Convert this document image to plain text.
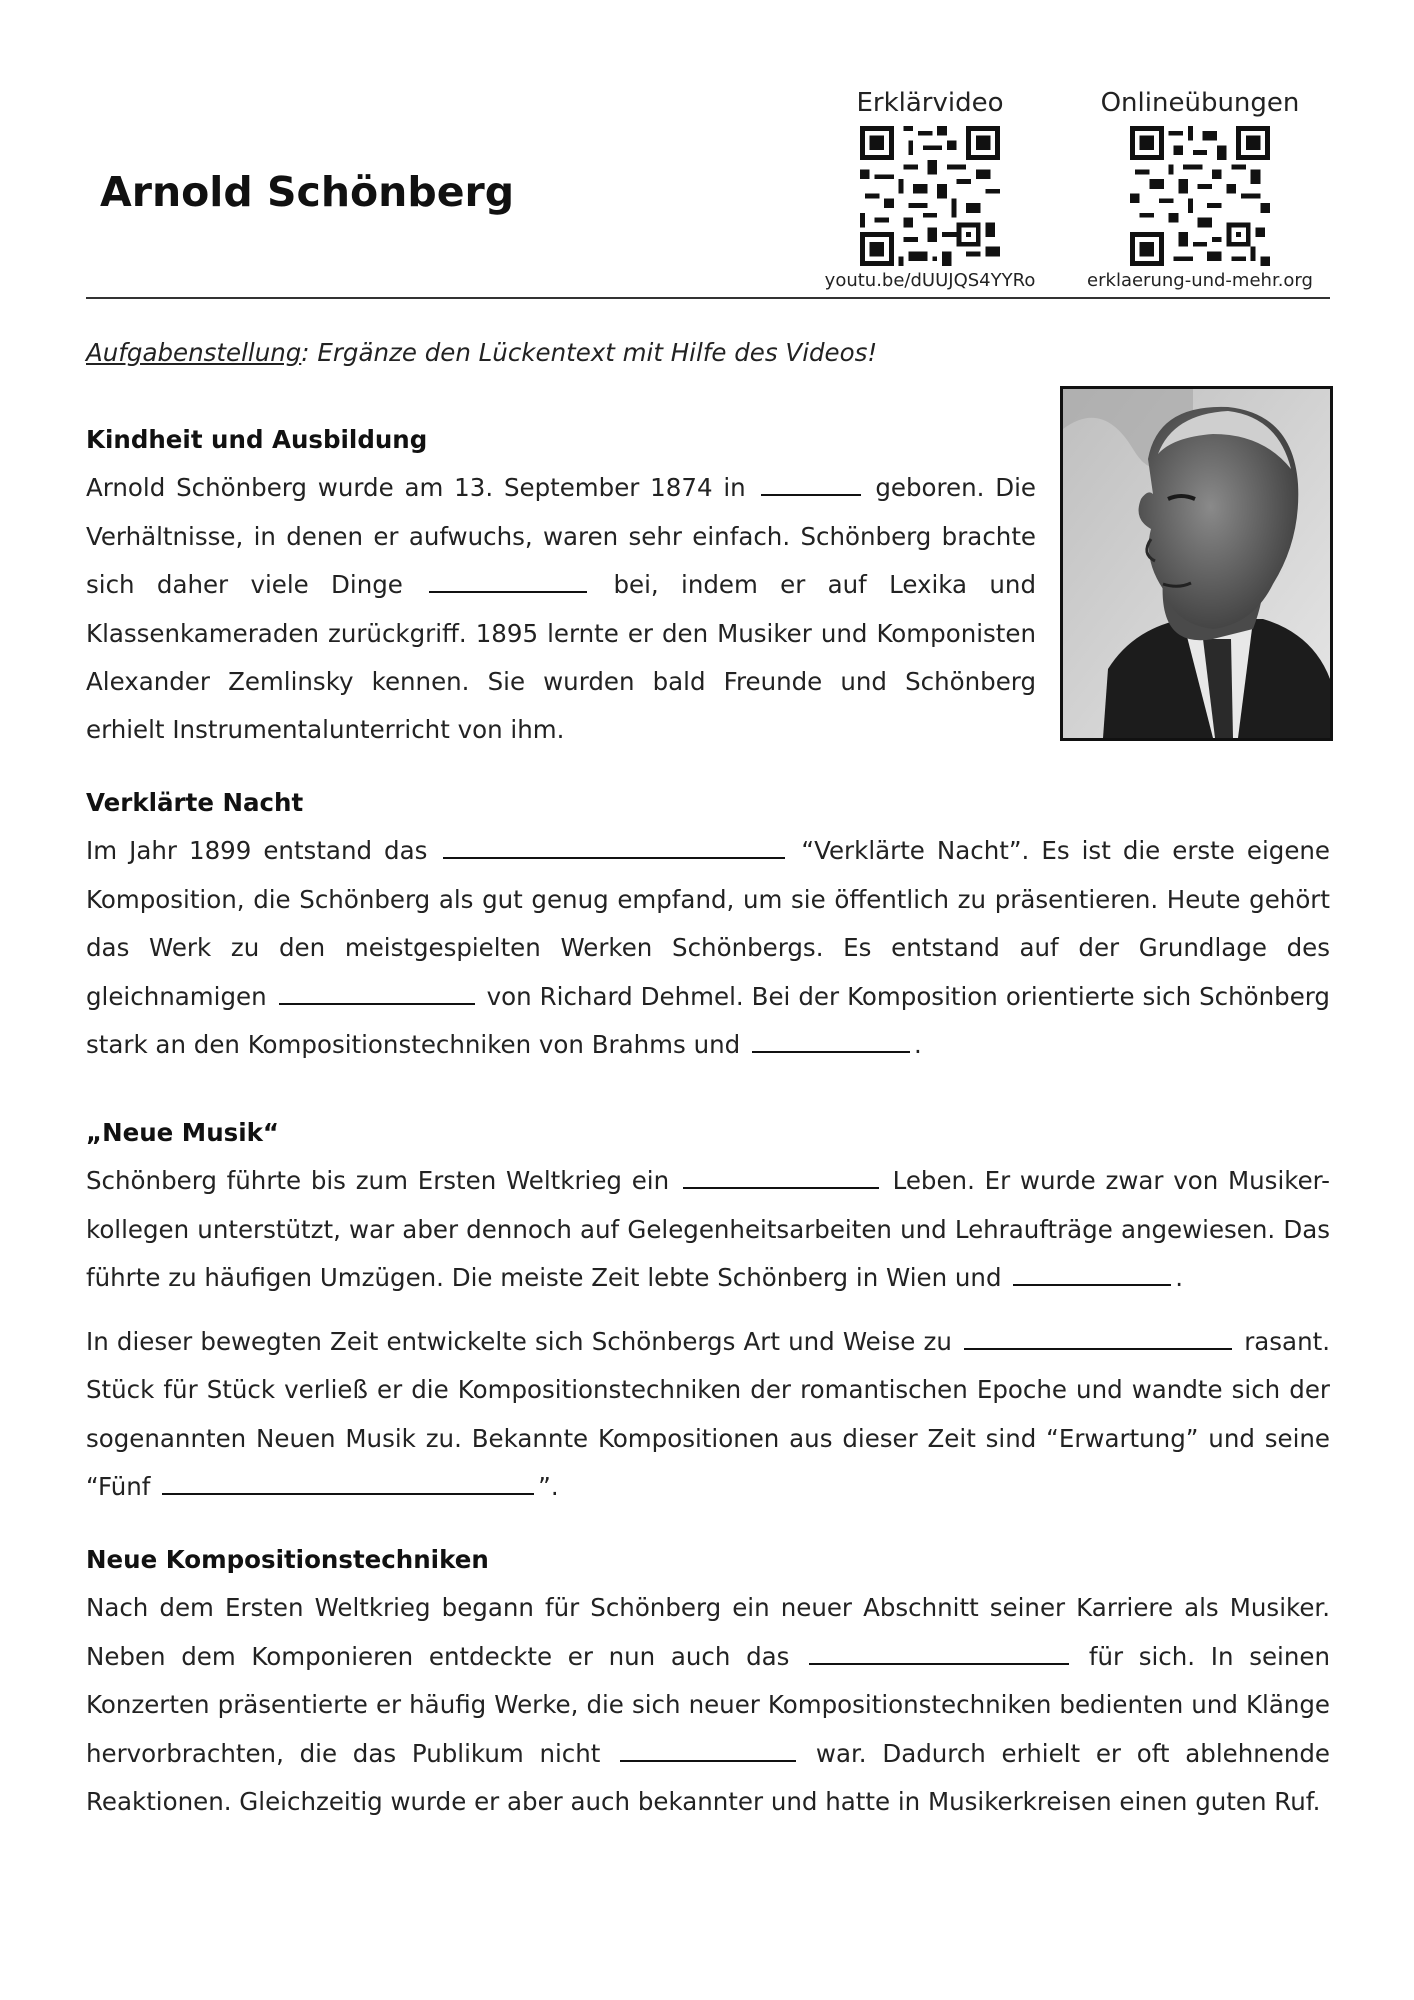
Arnold Schönberg
Erklärvideo
youtu.be/dUUJQS4YYRo
Onlineübungen
erklaerung-und-mehr.org
Aufgabenstellung: Ergänze den Lückentext mit Hilfe des Videos!
Kindheit und Ausbildung

Arnold Schönberg wurde am 13. September 1874 in	geboren. Die Verhältnisse, in denen er aufwuchs, waren sehr einfach. Schönberg brachte sich daher viele Dinge	bei, indem er auf Lexika und Klassenkameraden zurückgriff. 1895 lernte er den Musiker und Komponisten Alexander Zemlinsky kennen. Sie wurden bald Freunde und Schönberg erhielt Instrumentalunterricht von ihm.

Verklärte Nacht

Im Jahr 1899 entstand das	“Verklärte Nacht”. Es ist die erste eigene Komposition, die Schönberg als gut genug empfand, um sie öffentlich zu präsentieren. Heute gehört das Werk zu den meistgespielten Werken Schönbergs. Es entstand auf der Grundlage des gleichnamigen	von Richard Dehmel. Bei der Komposition orientierte sich Schönberg stark an den Kompositionstechniken von Brahms und	.

„Neue Musik“

Schönberg führte bis zum Ersten Weltkrieg ein	Leben. Er wurde zwar von Musiker-kollegen unterstützt, war aber dennoch auf Gelegenheitsarbeiten und Lehraufträge angewiesen. Das führte zu häufigen Umzügen. Die meiste Zeit lebte Schönberg in Wien und	.

In dieser bewegten Zeit entwickelte sich Schönbergs Art und Weise zu	rasant. Stück für Stück verließ er die Kompositionstechniken der romantischen Epoche und wandte sich der sogenannten Neuen Musik zu. Bekannte Kompositionen aus dieser Zeit sind “Erwartung” und seine “Fünf	”.

Neue Kompositionstechniken

Nach dem Ersten Weltkrieg begann für Schönberg ein neuer Abschnitt seiner Karriere als Musiker. Neben dem Komponieren entdeckte er nun auch das	für sich. In seinen Konzerten präsentierte er häufig Werke, die sich neuer Kompositionstechniken bedienten und Klänge hervorbrachten, die das Publikum nicht	war. Dadurch erhielt er oft ablehnende Reaktionen. Gleichzeitig wurde er aber auch bekannter und hatte in Musikerkreisen einen guten Ruf.
